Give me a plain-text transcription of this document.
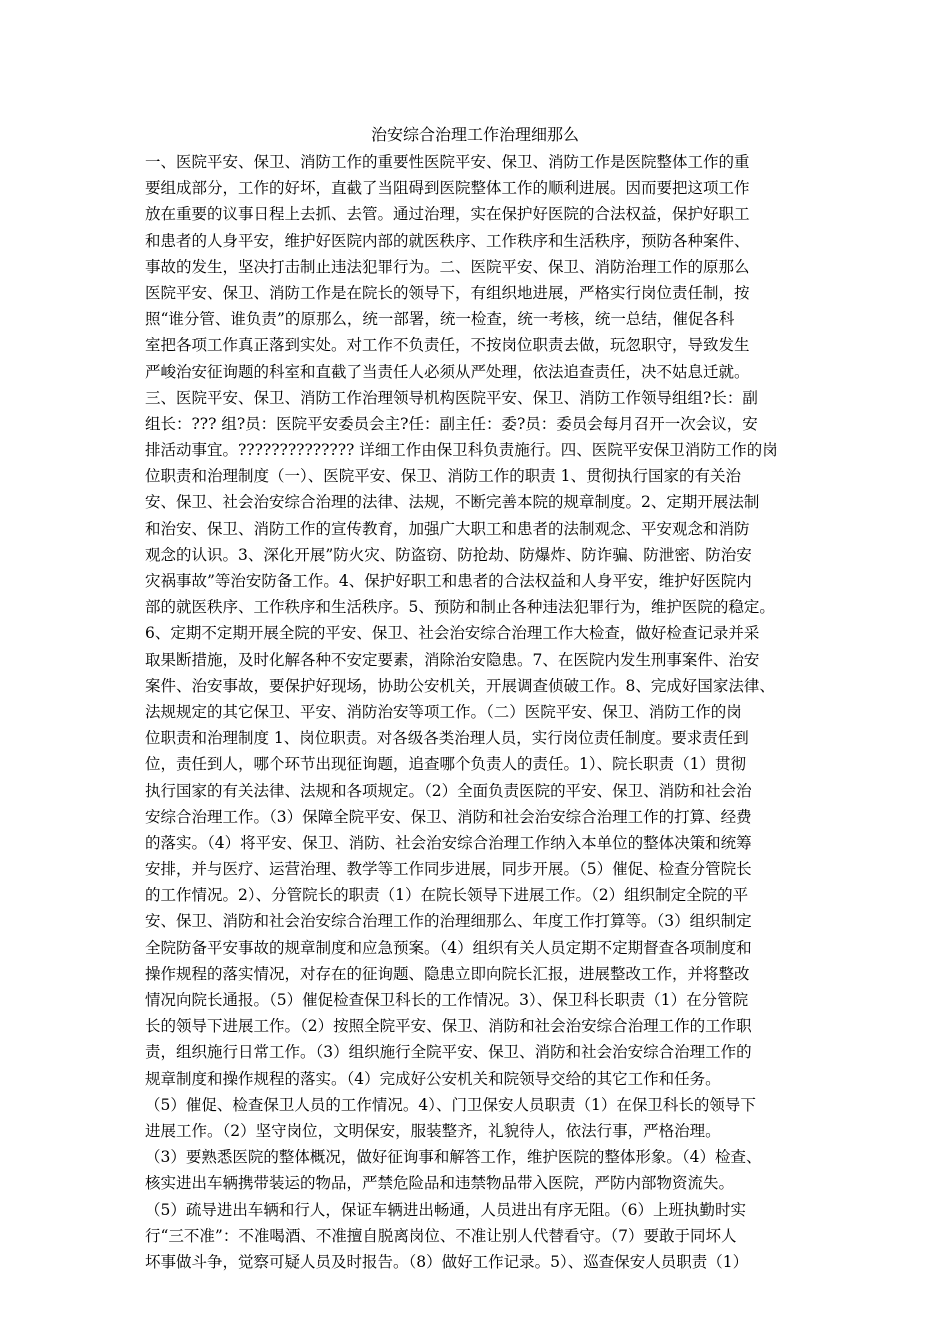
治安综合治理工作治理细那么
一、医院平安、保卫、消防工作的重要性医院平安、保卫、消防工作是医院整体工作的重
要组成部分，工作的好坏，直截了当阻碍到医院整体工作的顺利进展。因而要把这项工作
放在重要的议事日程上去抓、去管。通过治理，实在保护好医院的合法权益，保护好职工
和患者的人身平安，维护好医院内部的就医秩序、工作秩序和生活秩序，预防各种案件、
事故的发生，坚决打击制止违法犯罪行为。二、医院平安、保卫、消防治理工作的原那么
医院平安、保卫、消防工作是在院长的领导下，有组织地进展，严格实行岗位责任制，按
照“谁分管、谁负责”的原那么，统一部署，统一检查，统一考核，统一总结，催促各科
室把各项工作真正落到实处。对工作不负责任，不按岗位职责去做，玩忽职守，导致发生
严峻治安征询题的科室和直截了当责任人必须从严处理，依法追查责任，决不姑息迁就。
三、医院平安、保卫、消防工作治理领导机构医院平安、保卫、消防工作领导组组?长：副
组长：??? 组?员：医院平安委员会主?任：副主任：委?员：委员会每月召开一次会议，安
排活动事宜。?????????????? 详细工作由保卫科负责施行。四、医院平安保卫消防工作的岗
位职责和治理制度（一）、医院平安、保卫、消防工作的职责 1、贯彻执行国家的有关治
安、保卫、社会治安综合治理的法律、法规，不断完善本院的规章制度。2、定期开展法制
和治安、保卫、消防工作的宣传教育，加强广大职工和患者的法制观念、平安观念和消防
观念的认识。3、深化开展”防火灾、防盗窃、防抢劫、防爆炸、防诈骗、防泄密、防治安
灾祸事故”等治安防备工作。4、保护好职工和患者的合法权益和人身平安，维护好医院内
部的就医秩序、工作秩序和生活秩序。5、预防和制止各种违法犯罪行为，维护医院的稳定。
6、定期不定期开展全院的平安、保卫、社会治安综合治理工作大检查，做好检查记录并采
取果断措施，及时化解各种不安定要素，消除治安隐患。7、在医院内发生刑事案件、治安
案件、治安事故，要保护好现场，协助公安机关，开展调查侦破工作。8、完成好国家法律、
法规规定的其它保卫、平安、消防治安等项工作。（二）医院平安、保卫、消防工作的岗
位职责和治理制度 1、岗位职责。对各级各类治理人员，实行岗位责任制度。要求责任到
位，责任到人，哪个环节出现征询题，追查哪个负责人的责任。1）、院长职责（1）贯彻
执行国家的有关法律、法规和各项规定。（2）全面负责医院的平安、保卫、消防和社会治
安综合治理工作。（3）保障全院平安、保卫、消防和社会治安综合治理工作的打算、经费
的落实。（4）将平安、保卫、消防、社会治安综合治理工作纳入本单位的整体决策和统筹
安排，并与医疗、运营治理、教学等工作同步进展，同步开展。（5）催促、检查分管院长
的工作情况。2）、分管院长的职责（1）在院长领导下进展工作。（2）组织制定全院的平
安、保卫、消防和社会治安综合治理工作的治理细那么、年度工作打算等。（3）组织制定
全院防备平安事故的规章制度和应急预案。（4）组织有关人员定期不定期督查各项制度和
操作规程的落实情况，对存在的征询题、隐患立即向院长汇报，进展整改工作，并将整改
情况向院长通报。（5）催促检查保卫科长的工作情况。3）、保卫科长职责（1）在分管院
长的领导下进展工作。（2）按照全院平安、保卫、消防和社会治安综合治理工作的工作职
责，组织施行日常工作。（3）组织施行全院平安、保卫、消防和社会治安综合治理工作的
规章制度和操作规程的落实。（4）完成好公安机关和院领导交给的其它工作和任务。
（5）催促、检查保卫人员的工作情况。4）、门卫保安人员职责（1）在保卫科长的领导下
进展工作。（2）坚守岗位，文明保安，服装整齐，礼貌待人，依法行事，严格治理。
（3）要熟悉医院的整体概况，做好征询事和解答工作，维护医院的整体形象。（4）检查、
核实进出车辆携带装运的物品，严禁危险品和违禁物品带入医院，严防内部物资流失。
（5）疏导进出车辆和行人，保证车辆进出畅通，人员进出有序无阻。（6）上班执勤时实
行“三不准”：不准喝酒、不准擅自脱离岗位、不准让别人代替看守。（7）要敢于同坏人
坏事做斗争，觉察可疑人员及时报告。（8）做好工作记录。5）、巡查保安人员职责（1）
